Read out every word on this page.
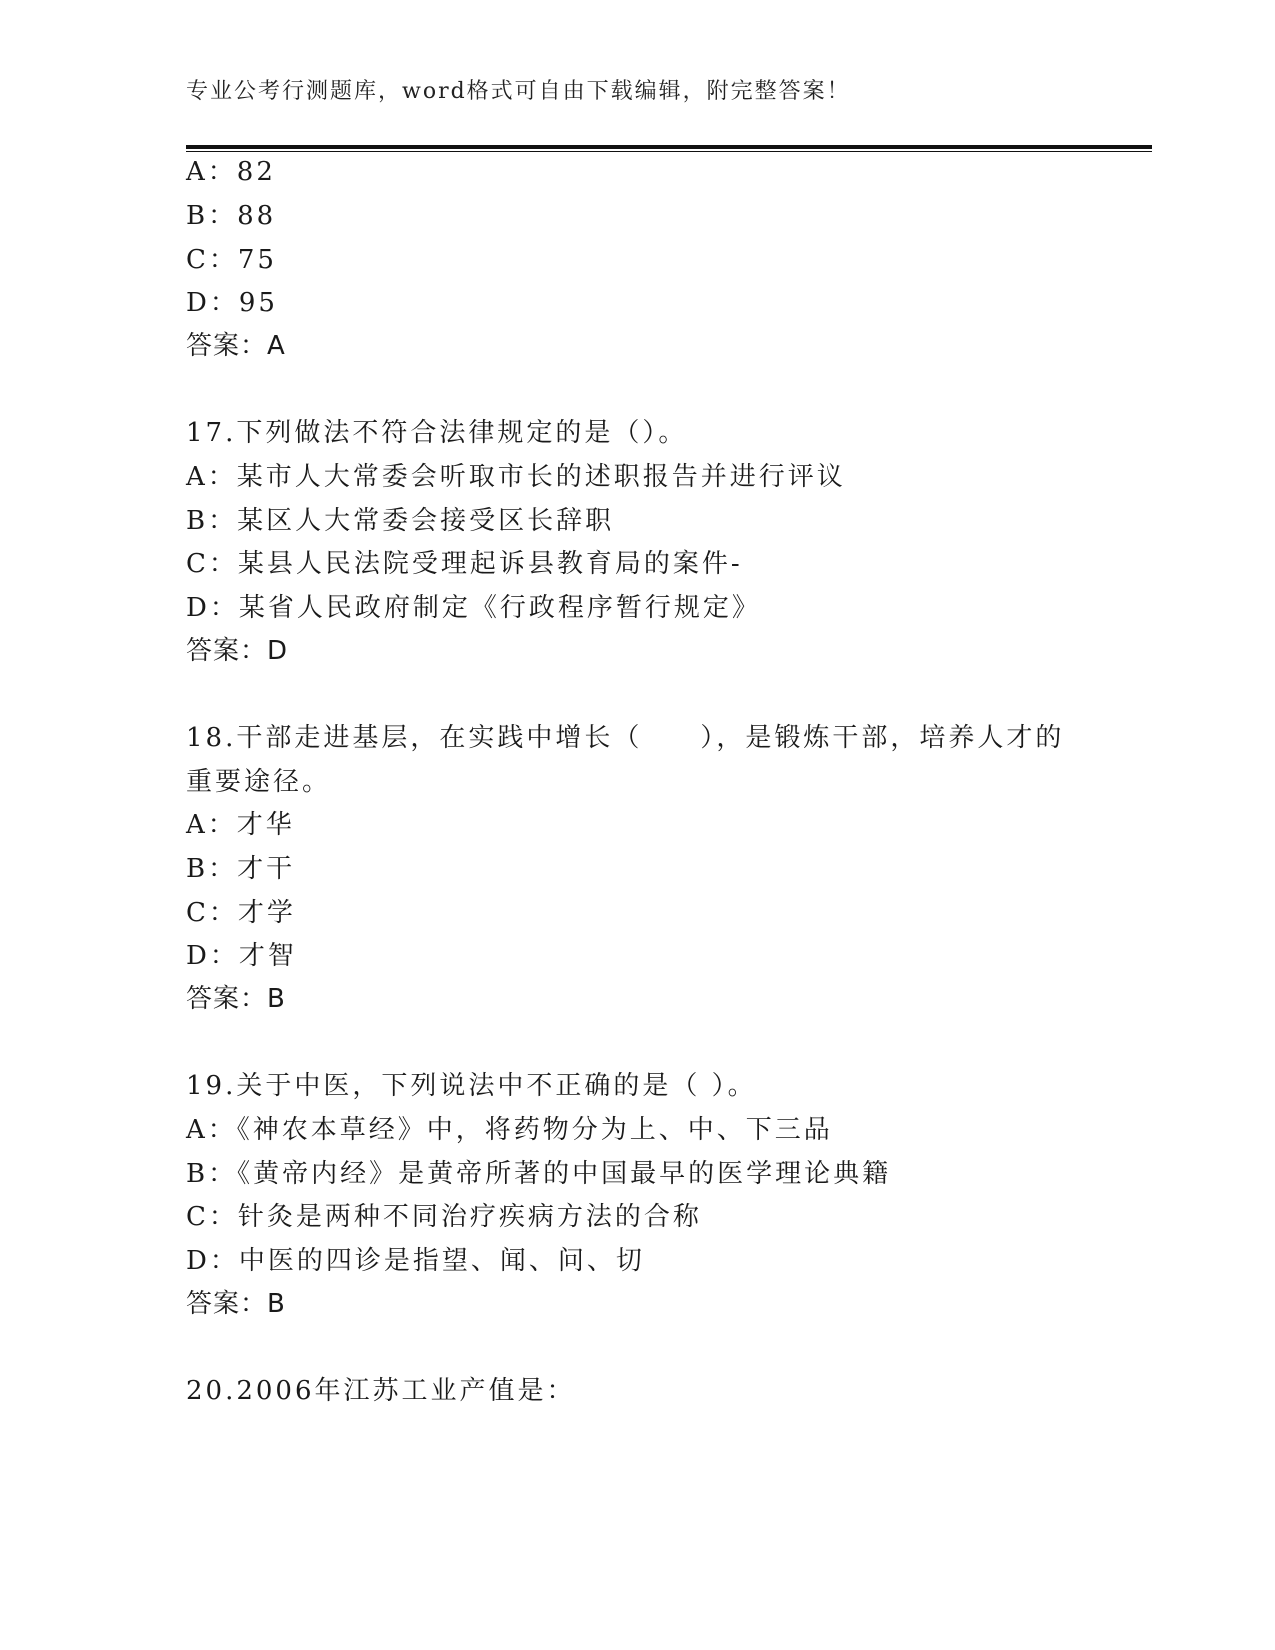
专业公考行测题库，word格式可自由下载编辑，附完整答案！
A：82
B：88
C：75
D：95
答案：A
17.下列做法不符合法律规定的是（）。
A：某市人大常委会听取市长的述职报告并进行评议
B：某区人大常委会接受区长辞职
C：某县人民法院受理起诉县教育局的案件-
D：某省人民政府制定《行政程序暂行规定》
答案：D
18.干部走进基层，在实践中增长（　　），是锻炼干部，培养人才的
重要途径。
A：才华
B：才干
C：才学
D：才智
答案：B
19.关于中医，下列说法中不正确的是（ ）。
A：《神农本草经》中，将药物分为上、中、下三品
B：《黄帝内经》是黄帝所著的中国最早的医学理论典籍
C：针灸是两种不同治疗疾病方法的合称
D：中医的四诊是指望、闻、问、切
答案：B
20.2006年江苏工业产值是：
